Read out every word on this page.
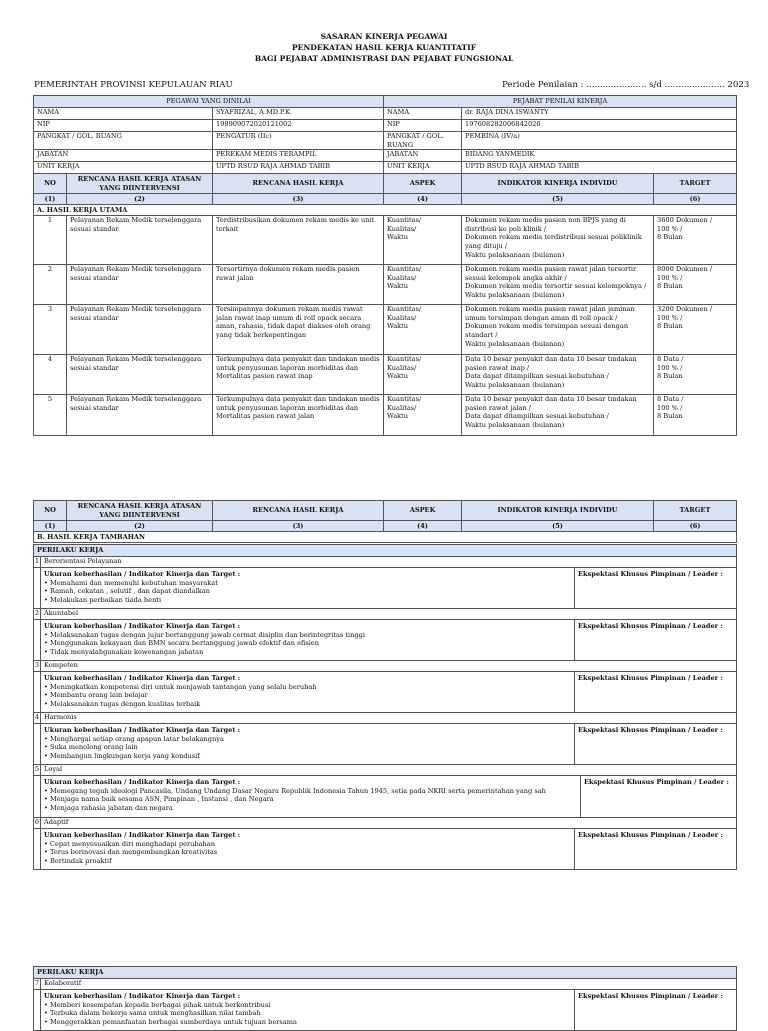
SASARAN KINERJA PEGAWAI
PENDEKATAN HASIL KERJA KUANTITATIF
BAGI PEJABAT ADMINISTRASI DAN PEJABAT FUNGSIONAL
PEMERINTAH PROVINSI KEPULAUAN RIAU	Periode Penilaian : ...................... s/d ...................... 2023
PEGAWAI YANG DINILAI			PEJABAT PENILAI KINERJA		
NAMA		SYAFRIZAL, A.MD.P.K.	NAMA	dr. RAJA DINA ISWANTY	
NIP		198909072020121002	NIP	197608282006842026	
PANGKAT / GOL. RUANG		PENGATUR (IIc)	PANGKAT / GOL. RUANG	PEMBINA (IV/a)	
JABATAN		PEREKAM MEDIS TERAMPIL	JABATAN	BIDANG YANMEDIK	
UNIT KERJA		UPTD RSUD RAJA AHMAD TABIB	UNIT KERJA	UPTD RSUD RAJA AHMAD TABIB	
NO	RENCANA HASIL KERJA ATASAN YANG DIINTERVENSI	RENCANA HASIL KERJA	ASPEK	INDIKATOR KINERJA INDIVIDU	TARGET
(1)	(2)	(3)	(4)	(5)	(6)
A. HASIL KERJA UTAMA					
1	Pelayanan Rekam Medik terselenggara sesuai standar	Terdistribusikan dokumen rekam medis ke unit terkait	Kuantitas/
Kualitas/
Waktu	Dokumen rekam medis pasien non BPJS yang di distribusi ke poli klinik /
Dokumen rekam medis terdistribusi sesuai poliklinik yang dituju /
Waktu pelaksanaan (bulanan)	3600 Dokumen /
100 % /
8 Bulan

2	Pelayanan Rekam Medik terselenggara sesuai standar	Tersortirnya dokumen rekam medis pasien rawat jalan	Kuantitas/
Kualitas/
Waktu	Dokumen rekam medis pasien rawat jalan tersortir sesuai kelompok angka akhir /
Dokumen rekam medis tersortir sesuai kelompoknya /
Waktu pelaksanaan (bulanan)	8000 Dokumen /
100 % /
8 Bulan

3	Pelayanan Rekam Medik terselenggara sesuai standar	Tersimpannya dokumen rekam medis rawat jalan rawat inap umum di roll opack secara aman, rahasia, tidak dapat diakses oleh orang yang tidak berkepentingan	Kuantitas/
Kualitas/
Waktu	Dokumen rekam medis pasien rawat jalan jaminan umum tersimpan dengan aman di roll opack /
Dokumen rekam medis tersimpan sesuai dengan standart /
Waktu pelaksanaan (bulanan)	3200 Dokumen /
100 % /
8 Bulan

4	Pelayanan Rekam Medik terselenggara sesuai standar	Terkumpulnya data penyakit dan tindakan medis untuk penyusunan laporan morbiditas dan Mortalitas pasien rawat inap	Kuantitas/
Kualitas/
Waktu	Data 10 besar penyakit dan data 10 besar tindakan pasien rawat inap /
Data dapat ditampilkan sesuai kebutuhan /
Waktu pelaksanaan (bulanan)	8 Data /
100 % /
8 Bulan

5	Pelayanan Rekam Medik terselenggara sesuai standar	Terkumpulnya data penyakit dan tindakan medis untuk penyusunan laporan morbiditas dan Mortalitas pasien rawat jalan	Kuantitas/
Kualitas/
Waktu	Data 10 besar penyakit dan data 10 besar tindakan pasien rawat jalan /
Data dapat ditampilkan sesuai kebutuhan /
Waktu pelaksanaan (bulanan)	8 Data /
100 % /
8 Bulan
NO	RENCANA HASIL KERJA ATASAN YANG DIINTERVENSI	RENCANA HASIL KERJA	ASPEK	INDIKATOR KINERJA INDIVIDU	TARGET
(1)	(2)	(3)	(4)	(5)	(6)
B. HASIL KERJA TAMBAHAN					
PERILAKU KERJA		
1	Berorientasi Pelayanan	

	Ukuran keberhasilan / Indikator Kinerja dan Target :
• Memahami dan memenuhi kebutuhan masyarakat
• Ramah, cekatan , solutif , dan dapat diandalkan
• Melakukan perbaikan tiada henti	Ekspektasi Khusus Pimpinan / Leader :
2	Akuntabel	

	Ukuran keberhasilan / Indikator Kinerja dan Target :
• Melaksanakan tugas dengan jujur bertanggung jawab cermat disiplin dan berintegritas tinggi
• Menggunakan kekayaan dan BMN secara bertanggung jawab efektif dan efisien
• Tidak menyalahgunakan kewenangan jabatan	Ekspektasi Khusus Pimpinan / Leader :
3	Kompeten	

	Ukuran keberhasilan / Indikator Kinerja dan Target :
• Meningkatkan kompetensi diri untuk menjawab tantangan yang selalu berubah
• Membantu orang lain belajar
• Melaksanakan tugas dengan kualitas terbaik	Ekspektasi Khusus Pimpinan / Leader :
4	Harmonis	

	Ukuran keberhasilan / Indikator Kinerja dan Target :
• Menghargai setiap orang apapun latar belakangnya
• Suka menolong orang lain
• Membangun lingkungan kerja yang kondusif	Ekspektasi Khusus Pimpinan / Leader :
5	Loyal	

	Ukuran keberhasilan / Indikator Kinerja dan Target :
• Memegang teguh ideologi Pancasila, Undang Undang Dasar Negara Republik Indonesia Tahun 1945, setia pada NKRI serta pemerintahan yang sah
• Menjaga nama baik sesama ASN, Pimpinan , Instansi , dan Negara
• Menjaga rahasia jabatan dan negara
Ekspektasi Khusus Pimpinan / Leader :	

6	Adaptif	

	Ukuran keberhasilan / Indikator Kinerja dan Target :
• Cepat menyesuaikan diri menghadapi perubahan
• Terus berinovasi dan mengembangkan kreativitas
• Bertindak proaktif	Ekspektasi Khusus Pimpinan / Leader :
PERILAKU KERJA		
7	Kolaboratif	

	Ukuran keberhasilan / Indikator Kinerja dan Target :
• Memberi kesempatan kepada berbagai pihak untuk berkontribusi
• Terbuka dalam bekerja sama untuk menghasilkan nilai tambah
• Menggerakkan pemanfaatan berbagai sumberdaya untuk tujuan bersama	Ekspektasi Khusus Pimpinan / Leader :
